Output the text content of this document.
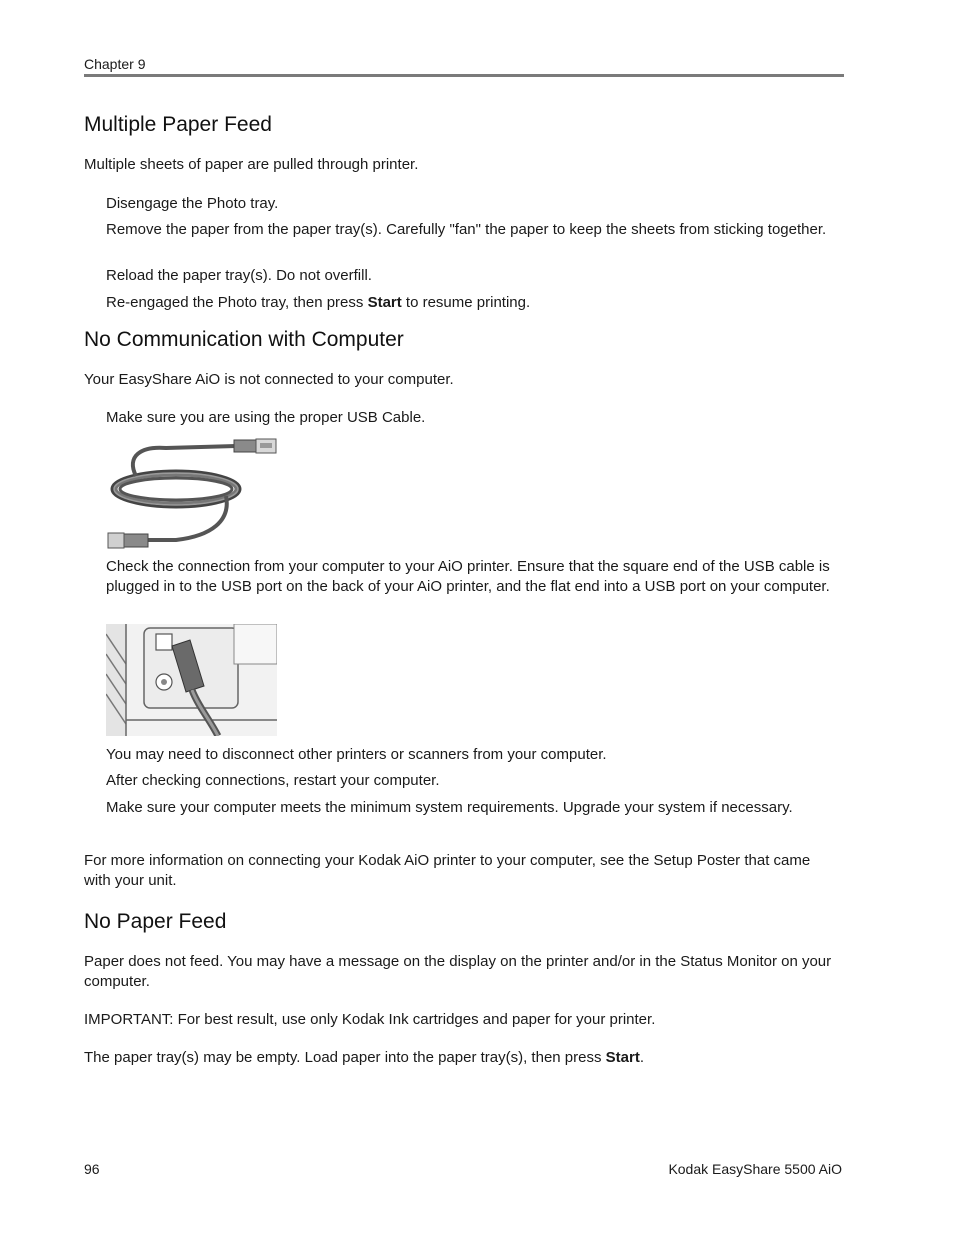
Chapter 9
Multiple Paper Feed
Multiple sheets of paper are pulled through printer.
Disengage the Photo tray.
Remove the paper from the paper tray(s). Carefully "fan" the paper to keep the sheets from sticking together.
Reload the paper tray(s). Do not overfill.
Re-engaged the Photo tray, then press Start to resume printing.
No Communication with Computer
Your EasyShare AiO is not connected to your computer.
Make sure you are using the proper USB Cable.
Check the connection from your computer to your AiO printer. Ensure that the square end of the USB cable is plugged in to the USB port on the back of your AiO printer, and the flat end into a USB port on your computer.
You may need to disconnect other printers or scanners from your computer.
After checking connections, restart your computer.
Make sure your computer meets the minimum system requirements. Upgrade your system if necessary.
For more information on connecting your Kodak AiO printer to your computer, see the Setup Poster that came with your unit.
No Paper Feed
Paper does not feed. You may have a message on the display on the printer and/or in the Status Monitor on your computer.
IMPORTANT: For best result, use only Kodak Ink cartridges and paper for your printer.
The paper tray(s) may be empty. Load paper into the paper tray(s), then press Start.
96	Kodak EasyShare 5500 AiO
